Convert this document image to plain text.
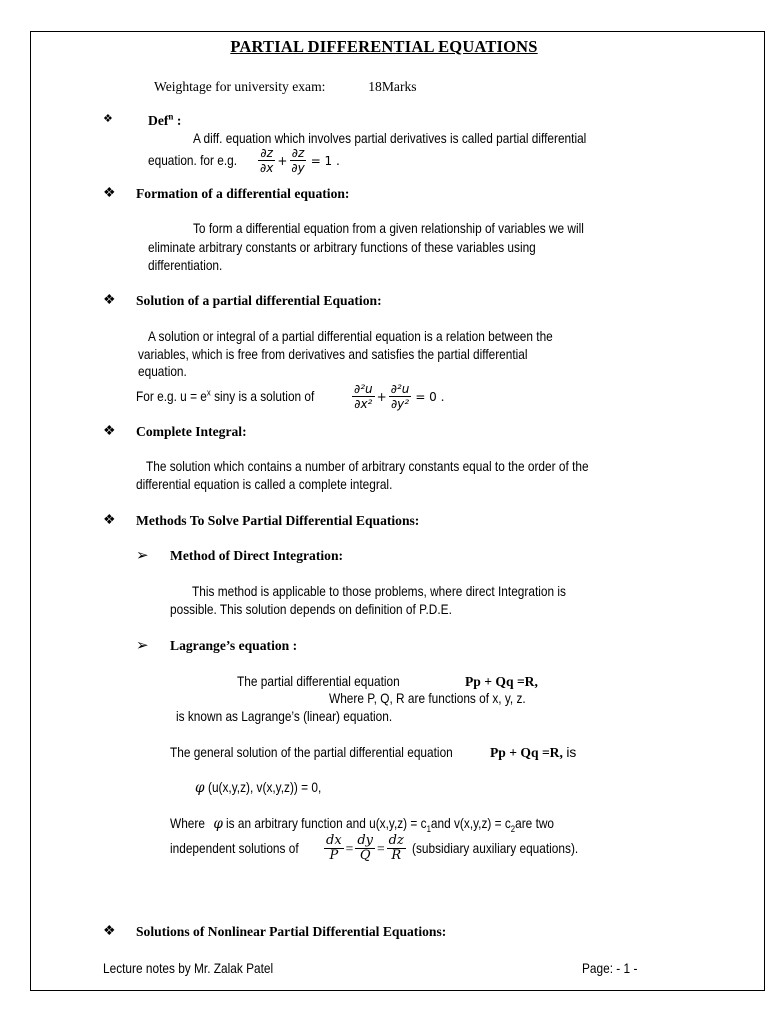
PARTIAL DIFFERENTIAL EQUATIONS
Weightage for university exam:	18Marks
❖	Def$^n$ :
A diff. equation which involves partial derivatives is called partial differential
equation. for e.g.	$\frac{\partial z}{\partial x} + \frac{\partial z}{\partial y} = 1$ .
❖ Formation of a differential equation:
To form a differential equation from a given relationship of variables we will
eliminate arbitrary constants or arbitrary functions of these variables using
differentiation.
❖ Solution of a partial differential Equation:
A solution or integral of a partial differential equation is a relation between the
variables, which is free from derivatives and satisfies the partial differential
equation.
For e.g. $u = e^x$ siny is a solution of	$\frac{\text{∂²u}}{\text{∂x²}} + \frac{\text{∂²u}}{\text{∂y²}} = 0$ .
❖ Complete Integral:
The solution which contains a number of arbitrary constants equal to the order of the
differential equation is called a complete integral.
❖ Methods To Solve Partial Differential Equations:
➢ Method of Direct Integration:
This method is applicable to those problems, where direct Integration is
possible. This solution depends on definition of P.D.E.
➢ Lagrange’s equation :
The partial differential equation	Pp + Qq =R,
Where P, Q, R are functions of x, y, z.
is known as Lagrange’s (linear) equation.
The general solution of the partial differential equation	Pp + Qq =R, is
φ (u(x,y,z), v(x,y,z)) = 0,
Where φ is an arbitrary function and $u(x,y,z) = c_1and$ $v(x,y,z) = c_2are$ two
independent solutions of $\frac{dx}{P} = \frac{dy}{Q} = \frac{dz}{R}$ (subsidiary auxiliary equations).
❖ Solutions of Nonlinear Partial Differential Equations:
Lecture notes by Mr. Zalak Patel	Page: - 1 -
